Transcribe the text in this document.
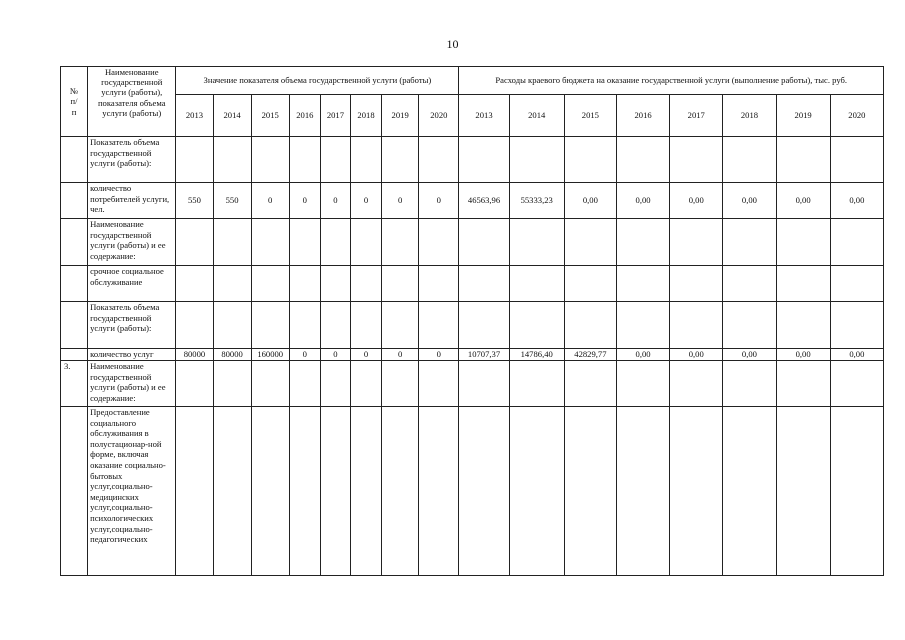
10
№
п/
п	Наименование государственной услуги (работы), показателя объема услуги (работы)	Значение показателя объема государственной услуги (работы)								Расходы краевого бюджета на оказание государственной услуги (выполнение работы), тыс. руб.							
		2013	2014	2015	2016	2017	2018	2019	2020	2013	2014	2015	2016	2017	2018	2019	2020
	Показатель объема государственной услуги (работы):																
	количество потребителей услуги, чел.	550	550	0	0	0	0	0	0	46563,96	55333,23	0,00	0,00	0,00	0,00	0,00	0,00
	Наименование государственной услуги (работы) и ее содержание:																
	срочное социальное обслуживание																
	Показатель объема государственной услуги (работы):																
	количество услуг	80000	80000	160000	0	0	0	0	0	10707,37	14786,40	42829,77	0,00	0,00	0,00	0,00	0,00
3.	Наименование государственной услуги (работы) и ее содержание:																
	Предоставление социального обслуживания в полустационар-ной форме, включая оказание социально-бытовых услуг,социально-медицинских услуг,социально-психологических услуг,социально-педагогических																
